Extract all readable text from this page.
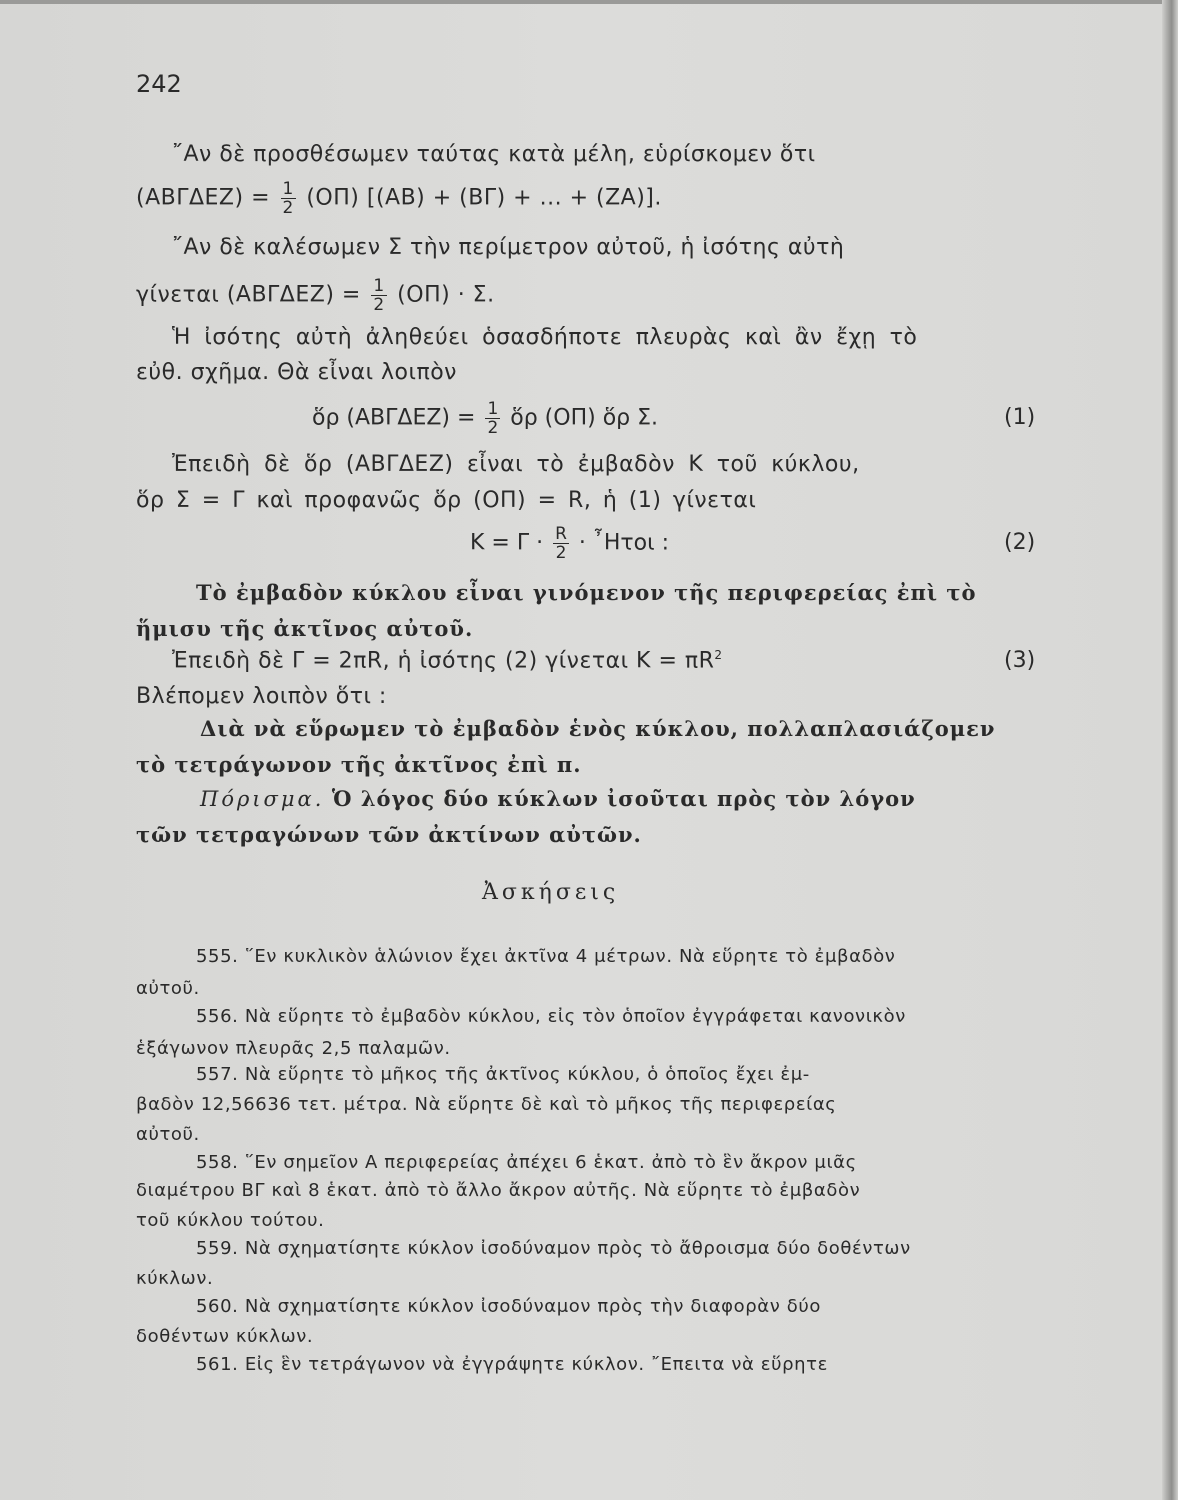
242
῎Αν δὲ προσθέσωμεν ταύτας κατὰ μέλη, εὑρίσκομεν ὅτι
$(AB\Gamma\Delta EZ) = \frac{1}{2} (O\Pi) [(AB) + (B\Gamma)$ + ... + (ΖΑ)].
῎Αν δὲ καλέσωμεν Σ τὴν περίμετρον αὐτοῦ, ἡ ἰσότης αὐτὴ
γίνεται $(AB\Gamma\Delta EZ) = \frac{1}{2} (O\Pi) \cdot \Sigma$.
Ἡ ἰσότης αὐτὴ ἀληθεύει ὁσασδήποτε πλευρὰς καὶ ἂν ἔχῃ τὸ
εὐθ. σχῆμα. Θὰ εἶναι λοιπὸν
ὅρ $(AB\Gamma\Delta EZ) = \frac{1}{2}$ ὅρ (ΟΠ) ὅρ Σ.	(1)
Ἐπειδὴ δὲ ὅρ (ΑΒΓΔΕΖ) εἶναι τὸ ἐμβαδὸν Κ τοῦ κύκλου,
ὅρ Σ = Γ καὶ προφανῶς ὅρ (ΟΠ) = R, ἡ (1) γίνεται
$K = \Gamma \cdot \frac{R}{2}$ · ῏Ητοι :	(2)
Τὸ ἐμβαδὸν κύκλου εἶναι γινόμενον τῆς περιφερείας ἐπὶ τὸ
ἥμισυ τῆς ἀκτῖνος αὐτοῦ.
Ἐπειδὴ δὲ Γ = 2πR, ἡ ἰσότης (2) γίνεται $K = \pi R^2$	(3)
Βλέπομεν λοιπὸν ὅτι :
Διὰ νὰ εὕρωμεν τὸ ἐμβαδὸν ἑνὸς κύκλου, πολλαπλασιάζομεν
τὸ τετράγωνον τῆς ἀκτῖνος ἐπὶ π.
Πόρισμα. Ὁ λόγος δύο κύκλων ἰσοῦται πρὸς τὸν λόγον
τῶν τετραγώνων τῶν ἀκτίνων αὐτῶν.
Ἀσκήσεις
555. ῞Εν κυκλικὸν ἁλώνιον ἔχει ἀκτῖνα 4 μέτρων. Νὰ εὕρητε τὸ ἐμβαδὸν
αὐτοῦ.
556. Νὰ εὕρητε τὸ ἐμβαδὸν κύκλου, εἰς τὸν ὁποῖον ἐγγράφεται κανονικὸν
ἑξάγωνον πλευρᾶς 2,5 παλαμῶν.
557. Νὰ εὕρητε τὸ μῆκος τῆς ἀκτῖνος κύκλου, ὁ ὁποῖος ἔχει ἐμ-
βαδὸν 12,56636 τετ. μέτρα. Νὰ εὕρητε δὲ καὶ τὸ μῆκος τῆς περιφερείας
αὐτοῦ.
558. ῞Εν σημεῖον Α περιφερείας ἀπέχει 6 ἑκατ. ἀπὸ τὸ ἓν ἄκρον μιᾶς
διαμέτρου ΒΓ καὶ 8 ἑκατ. ἀπὸ τὸ ἄλλο ἄκρον αὐτῆς. Νὰ εὕρητε τὸ ἐμβαδὸν
τοῦ κύκλου τούτου.
559. Νὰ σχηματίσητε κύκλον ἰσοδύναμον πρὸς τὸ ἄθροισμα δύο δοθέντων
κύκλων.
560. Νὰ σχηματίσητε κύκλον ἰσοδύναμον πρὸς τὴν διαφορὰν δύο
δοθέντων κύκλων.
561. Εἰς ἓν τετράγωνον νὰ ἐγγράψητε κύκλον. ῎Επειτα νὰ εὕρητε
